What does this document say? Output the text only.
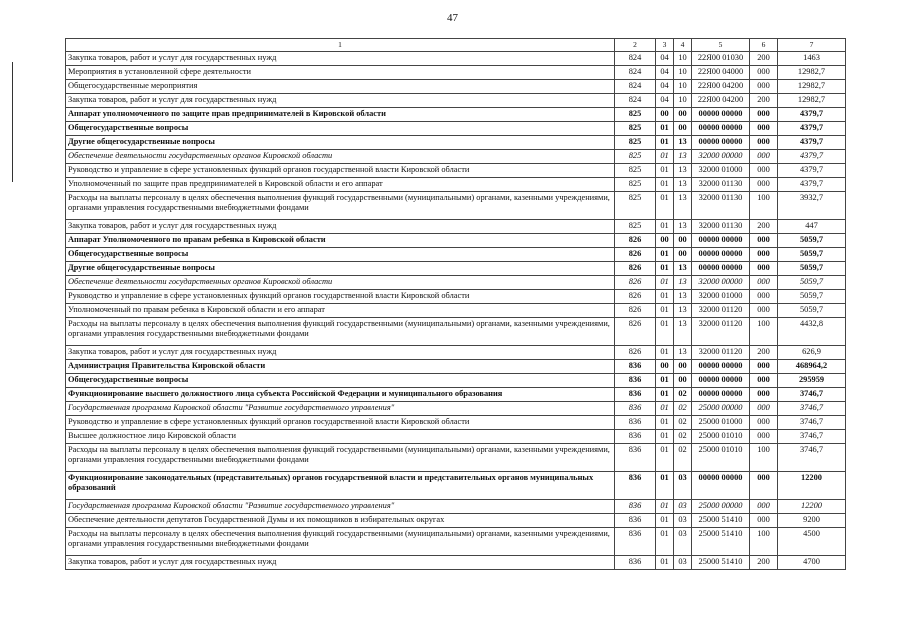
47
1	2	3	4	5	6	7
Закупка товаров, работ и услуг для государственных нужд	824	04	10	22Я00 01030	200	1463
Мероприятия в установленной сфере деятельности	824	04	10	22Я00 04000	000	12982,7
Общегосударственные мероприятия	824	04	10	22Я00 04200	000	12982,7
Закупка товаров, работ и услуг для государственных нужд	824	04	10	22Я00 04200	200	12982,7
Аппарат уполномоченного по защите прав предпринимателей в Кировской области	825	00	00	00000 00000	000	4379,7
Общегосударственные вопросы	825	01	00	00000 00000	000	4379,7
Другие общегосударственные вопросы	825	01	13	00000 00000	000	4379,7
Обеспечение деятельности государственных органов Кировской области	825	01	13	32000 00000	000	4379,7
Руководство и управление в сфере установленных функций органов государственной власти Кировской области	825	01	13	32000 01000	000	4379,7
Уполномоченный по защите прав предпринимателей в Кировской области и его аппарат	825	01	13	32000 01130	000	4379,7
Расходы на выплаты персоналу в целях обеспечения выполнения функций государственными (муниципальными) органами, казенными учреждениями, органами управления государственными внебюджетными фондами	825	01	13	32000 01130	100	3932,7
Закупка товаров, работ и услуг для государственных нужд	825	01	13	32000 01130	200	447
Аппарат Уполномоченного по правам ребенка в Кировской области	826	00	00	00000 00000	000	5059,7
Общегосударственные вопросы	826	01	00	00000 00000	000	5059,7
Другие общегосударственные вопросы	826	01	13	00000 00000	000	5059,7
Обеспечение деятельности государственных органов Кировской области	826	01	13	32000 00000	000	5059,7
Руководство и управление в сфере установленных функций органов государственной власти Кировской области	826	01	13	32000 01000	000	5059,7
Уполномоченный по правам ребенка в Кировской области и его аппарат	826	01	13	32000 01120	000	5059,7
Расходы на выплаты персоналу в целях обеспечения выполнения функций государственными (муниципальными) органами, казенными учреждениями, органами управления государственными внебюджетными фондами	826	01	13	32000 01120	100	4432,8
Закупка товаров, работ и услуг для государственных нужд	826	01	13	32000 01120	200	626,9
Администрация Правительства Кировской области	836	00	00	00000 00000	000	468964,2
Общегосударственные вопросы	836	01	00	00000 00000	000	295959
Функционирование высшего должностного лица субъекта Российской Федерации и муниципального образования	836	01	02	00000 00000	000	3746,7
Государственная программа Кировской области "Развитие государственного управления"	836	01	02	25000 00000	000	3746,7
Руководство и управление в сфере установленных функций органов государственной власти Кировской области	836	01	02	25000 01000	000	3746,7
Высшее должностное лицо Кировской области	836	01	02	25000 01010	000	3746,7
Расходы на выплаты персоналу в целях обеспечения выполнения функций государственными (муниципальными) органами, казенными учреждениями, органами управления государственными внебюджетными фондами	836	01	02	25000 01010	100	3746,7
Функционирование законодательных (представительных) органов государственной власти и представительных органов муниципальных образований	836	01	03	00000 00000	000	12200
Государственная программа Кировской области "Развитие государственного управления"	836	01	03	25000 00000	000	12200
Обеспечение деятельности депутатов Государственной Думы и их помощников в избирательных округах	836	01	03	25000 51410	000	9200
Расходы на выплаты персоналу в целях обеспечения выполнения функций государственными (муниципальными) органами, казенными учреждениями, органами управления государственными внебюджетными фондами	836	01	03	25000 51410	100	4500
Закупка товаров, работ и услуг для государственных нужд	836	01	03	25000 51410	200	4700
